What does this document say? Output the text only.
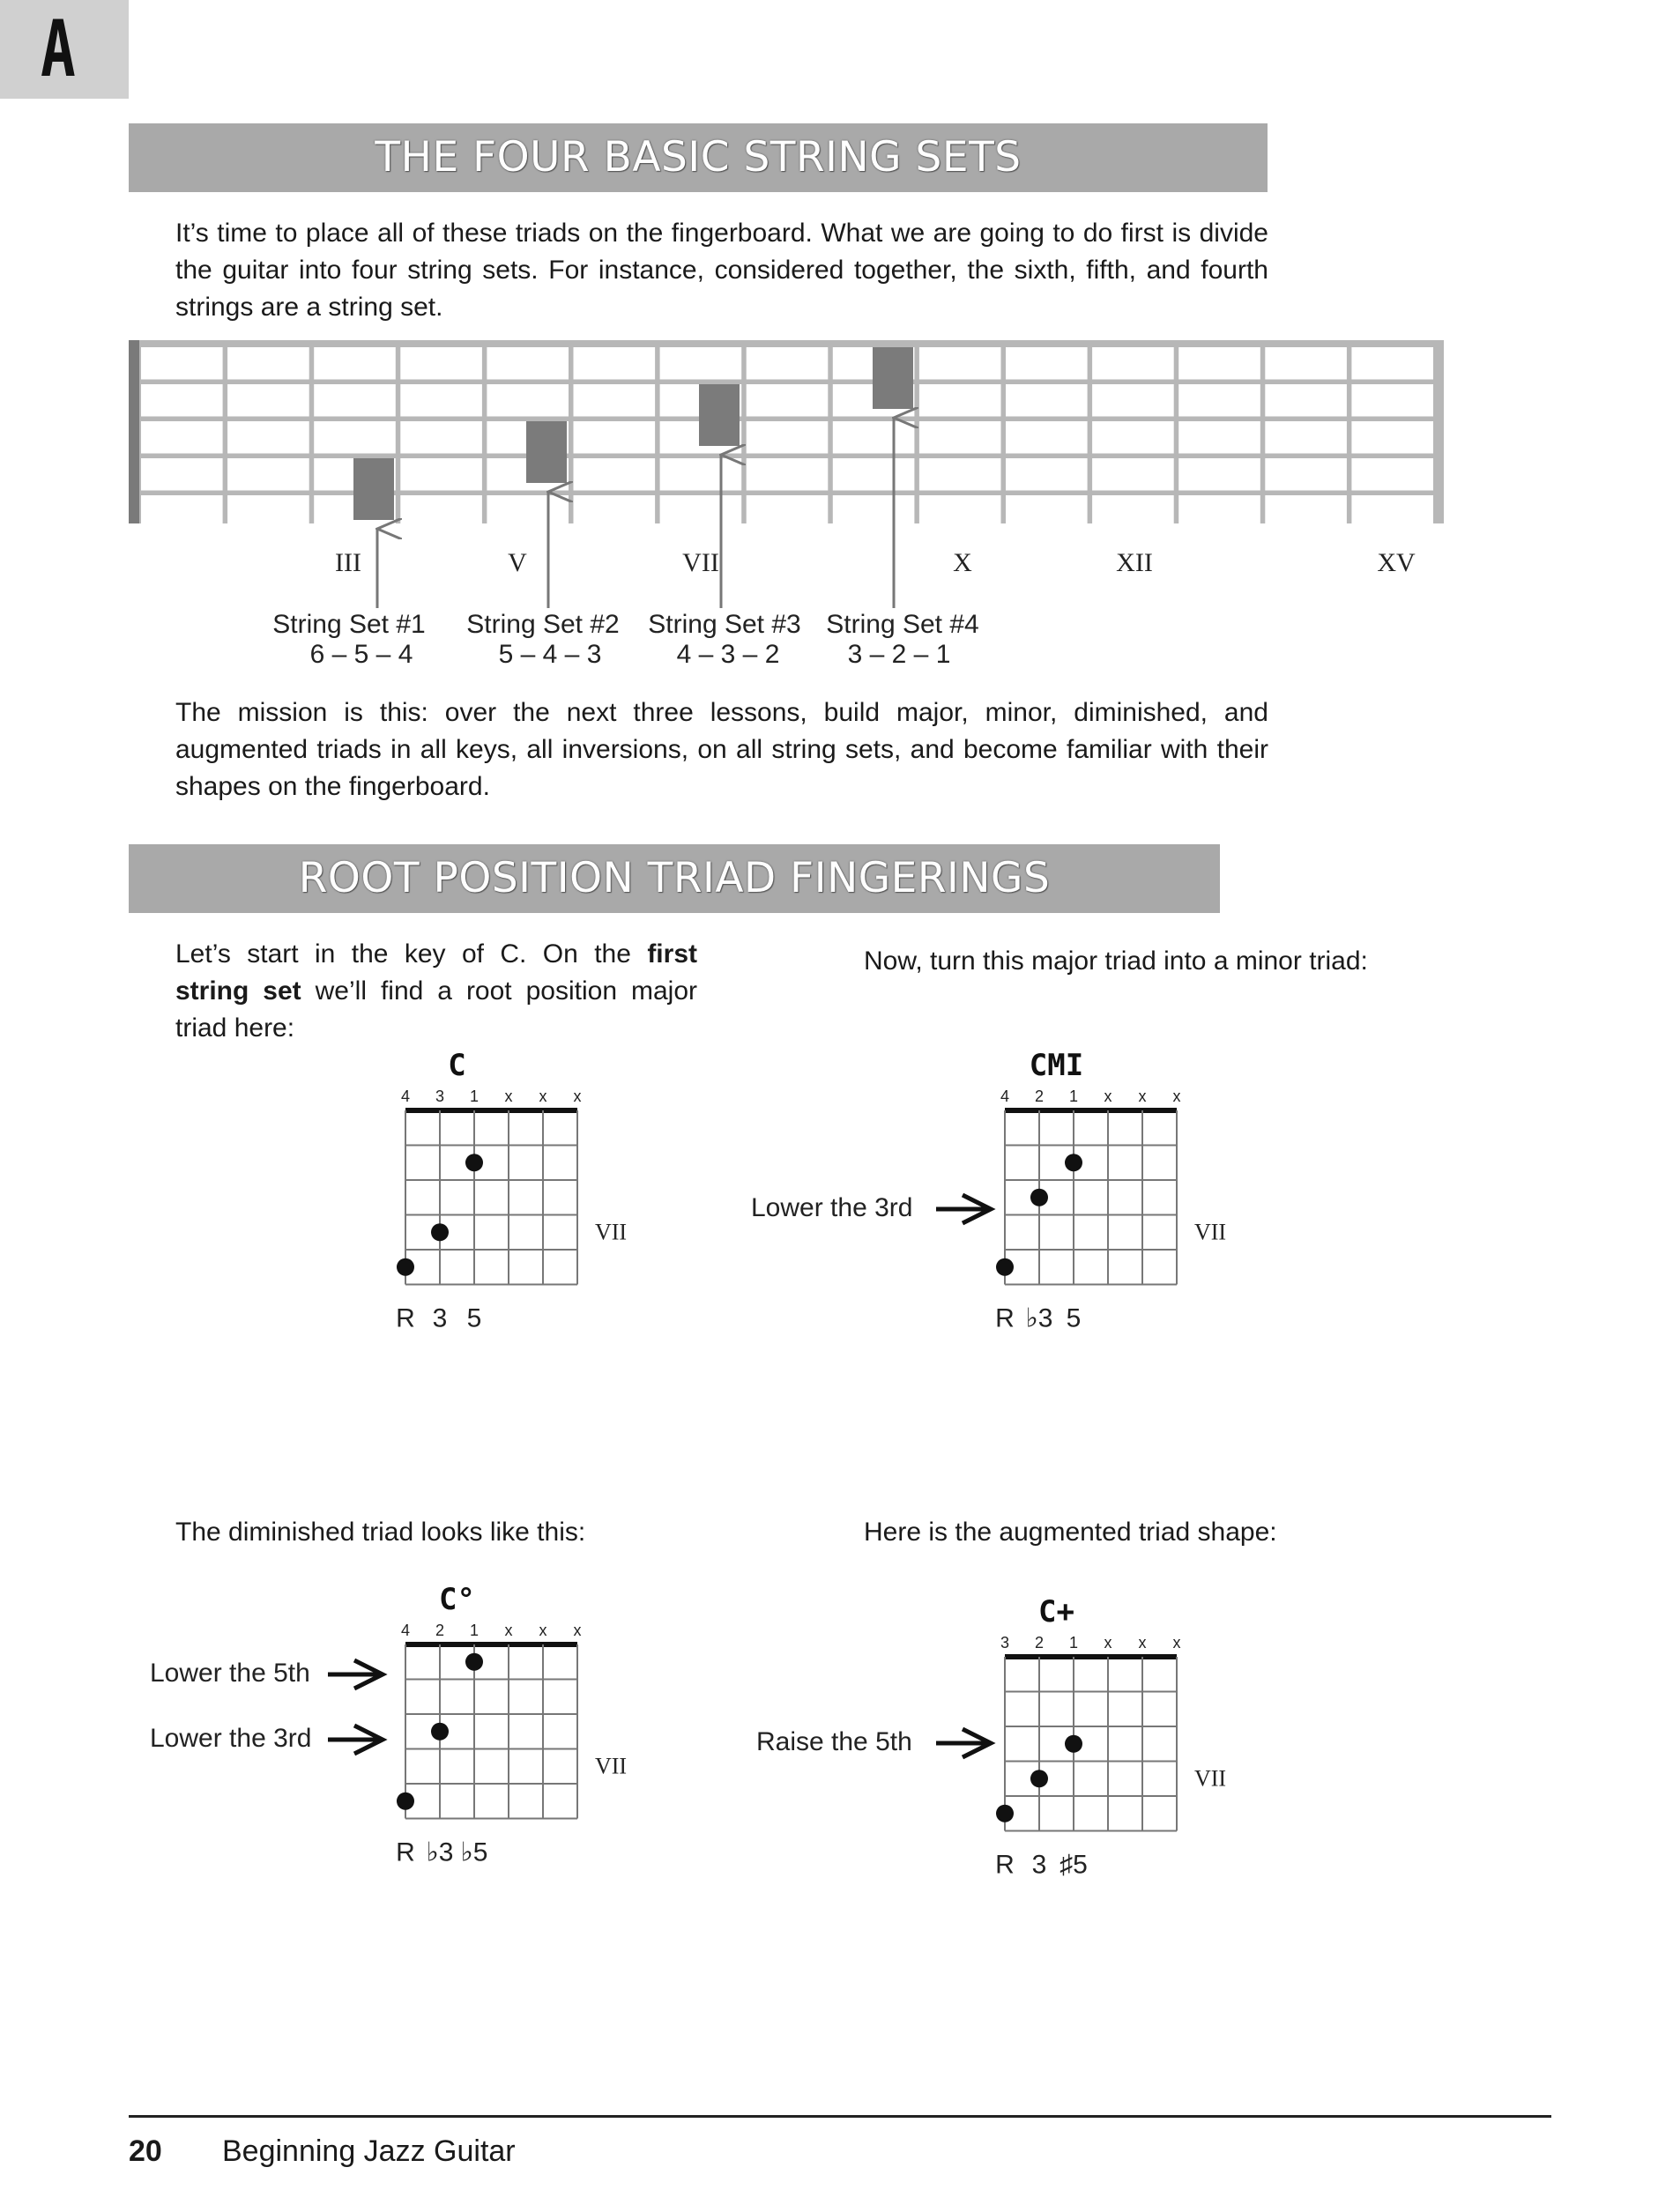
A
THE FOUR BASIC STRING SETS
It’s time to place all of these triads on the fingerboard. What we are going to do first is divide the guitar into four string sets. For instance, considered together, the sixth, fifth, and fourth strings are a string set.
III	V	VII	X	XII	XV
String Set #1
6 – 5 – 4
String Set #2
5 – 4 – 3
String Set #3
4 – 3 – 2
String Set #4
3 – 2 – 1
The mission is this: over the next three lessons, build major, minor, diminished, and augmented triads in all keys, all inversions, on all string sets, and become familiar with their shapes on the fingerboard.
ROOT POSITION TRIAD FINGERINGS
Let’s start in the key of C. On the first string set we’ll find a root position major triad here:
Now, turn this major triad into a minor triad:
The diminished triad looks like this:	Here is the augmented triad shape:
C
4 3 1 x x x
VII
R 3 5
CMI
4 2 1 x x x
VII
R ♭3 5
C°
4 2 1 x x x
VII
R ♭3 ♭5
C+
3 2 1 x x x
VII
R 3 ♯5
Lower the 3rd
Lower the 5th
Lower the 3rd	Raise the 5th
20 Beginning Jazz Guitar
